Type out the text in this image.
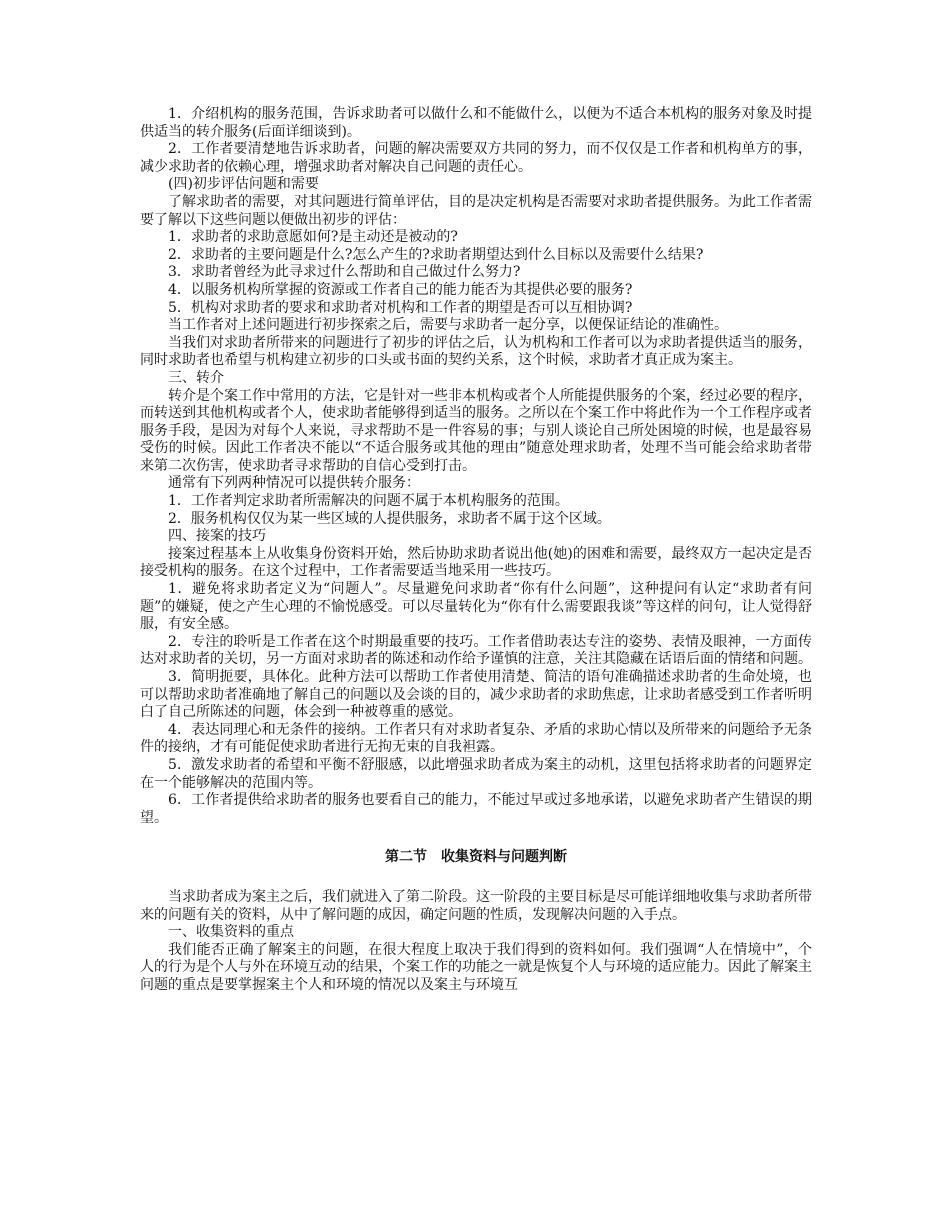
1．介绍机构的服务范围，告诉求助者可以做什么和不能做什么，以便为不适合本机构的服务对象及时提供适当的转介服务(后面详细谈到)。

2．工作者要清楚地告诉求助者，问题的解决需要双方共同的努力，而不仅仅是工作者和机构单方的事，减少求助者的依赖心理，增强求助者对解决自己问题的责任心。

(四)初步评估问题和需要

了解求助者的需要，对其问题进行简单评估，目的是决定机构是否需要对求助者提供服务。为此工作者需要了解以下这些问题以便做出初步的评估：

1．求助者的求助意愿如何?是主动还是被动的?

2．求助者的主要问题是什么?怎么产生的?求助者期望达到什么目标以及需要什么结果?

3．求助者曾经为此寻求过什么帮助和自己做过什么努力?

4．以服务机构所掌握的资源或工作者自己的能力能否为其提供必要的服务?

5．机构对求助者的要求和求助者对机构和工作者的期望是否可以互相协调?

当工作者对上述问题进行初步探索之后，需要与求助者一起分享，以便保证结论的准确性。

当我们对求助者所带来的问题进行了初步的评估之后，认为机构和工作者可以为求助者提供适当的服务，同时求助者也希望与机构建立初步的口头或书面的契约关系，这个时候，求助者才真正成为案主。

三、转介

转介是个案工作中常用的方法，它是针对一些非本机构或者个人所能提供服务的个案，经过必要的程序，而转送到其他机构或者个人，使求助者能够得到适当的服务。之所以在个案工作中将此作为一个工作程序或者服务手段，是因为对每个人来说，寻求帮助不是一件容易的事；与别人谈论自己所处困境的时候，也是最容易受伤的时候。因此工作者决不能以“不适合服务或其他的理由”随意处理求助者，处理不当可能会给求助者带来第二次伤害，使求助者寻求帮助的自信心受到打击。

通常有下列两种情况可以提供转介服务：

1．工作者判定求助者所需解决的问题不属于本机构服务的范围。

2．服务机构仅仅为某一些区域的人提供服务，求助者不属于这个区域。

四、接案的技巧

接案过程基本上从收集身份资料开始，然后协助求助者说出他(她)的困难和需要，最终双方一起决定是否接受机构的服务。在这个过程中，工作者需要适当地采用一些技巧。

1．避免将求助者定义为“问题人”。尽量避免问求助者“你有什么问题”，这种提问有认定“求助者有问题”的嫌疑，使之产生心理的不愉悦感受。可以尽量转化为“你有什么需要跟我谈”等这样的问句，让人觉得舒服，有安全感。

2．专注的聆听是工作者在这个时期最重要的技巧。工作者借助表达专注的姿势、表情及眼神，一方面传达对求助者的关切，另一方面对求助者的陈述和动作给予谨慎的注意，关注其隐藏在话语后面的情绪和问题。

3．简明扼要，具体化。此种方法可以帮助工作者使用清楚、简洁的语句准确描述求助者的生命处境，也可以帮助求助者准确地了解自己的问题以及会谈的目的，减少求助者的求助焦虑，让求助者感受到工作者听明白了自己所陈述的问题，体会到一种被尊重的感觉。

4．表达同理心和无条件的接纳。工作者只有对求助者复杂、矛盾的求助心情以及所带来的问题给予无条件的接纳，才有可能促使求助者进行无拘无束的自我袒露。

5．激发求助者的希望和平衡不舒服感，以此增强求助者成为案主的动机，这里包括将求助者的问题界定在一个能够解决的范围内等。

6．工作者提供给求助者的服务也要看自己的能力，不能过早或过多地承诺，以避免求助者产生错误的期望。

第二节　收集资料与问题判断

当求助者成为案主之后，我们就进入了第二阶段。这一阶段的主要目标是尽可能详细地收集与求助者所带来的问题有关的资料，从中了解问题的成因，确定问题的性质，发现解决问题的入手点。

一、收集资料的重点

我们能否正确了解案主的问题，在很大程度上取决于我们得到的资料如何。我们强调“人在情境中”，个人的行为是个人与外在环境互动的结果，个案工作的功能之一就是恢复个人与环境的适应能力。因此了解案主问题的重点是要掌握案主个人和环境的情况以及案主与环境互
